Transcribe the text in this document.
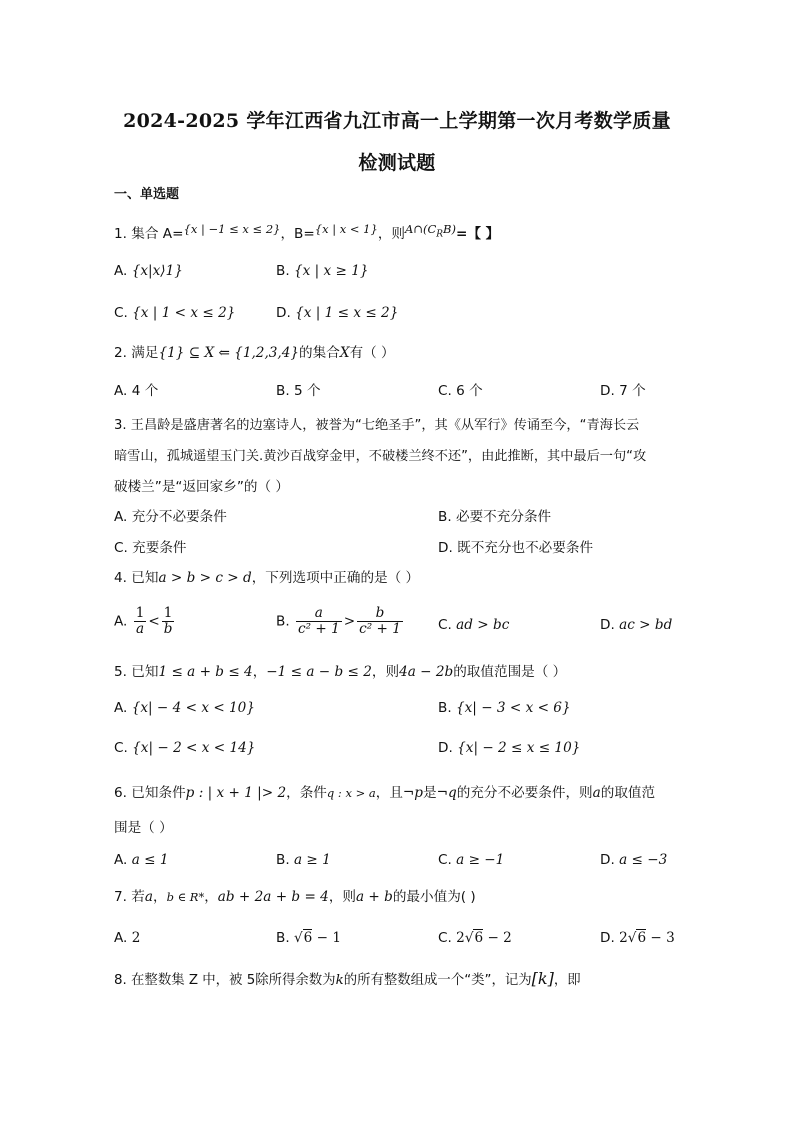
2024-2025 学年江西省九江市高一上学期第一次月考数学质量
检测试题
一、单选题
1. 集合 A=$^{\{x | -1 \le x \le 2\}}$，B=$^{\{x | x < 1\}}$，则$^{A\cap(C_RB)}$=【 】
A. {x|x⟩1}	B. {x | x ≥ 1}
C. {x | 1 < x ≤ 2}	D. {x | 1 ≤ x ≤ 2}
2. 满足{1} ⊆ X ⇐ {1,2,3,4}的集合X有（ ）
A. 4 个	B. 5 个	C. 6 个	D. 7 个
3. 王昌龄是盛唐著名的边塞诗人，被誉为“七绝圣手”，其《从军行》传诵至今，“青海长云
暗雪山，孤城遥望玉门关.黄沙百战穿金甲，不破楼兰终不还”，由此推断，其中最后一句“攻
破楼兰”是“返回家乡”的（ ）
A. 充分不必要条件	B. 必要不充分条件
C. 充要条件	D. 既不充分也不必要条件
4. 已知a > b > c > d，下列选项中正确的是（ ）
A. $\frac{1}{a} < \frac{1}{b}$	B. $\frac{a}{\text{c² + 1}} > \frac{b}{\text{c² + 1}}$	C. ad > bc	D. ac > bd
5. 已知1 ≤ a + b ≤ 4，−1 ≤ a − b ≤ 2，则4a − 2b的取值范围是（ ）
A. {x| − 4 < x < 10}	B. {x| − 3 < x < 6}
C. {x| − 2 < x < 14}	D. {x| − 2 ≤ x ≤ 10}
6. 已知条件p : | x + 1 |> 2，条件q : x > a，且¬p是¬q的充分不必要条件，则a的取值范
围是（ ）
A. a ≤ 1	B. a ≥ 1	C. a ≥ −1	D. a ≤ −3
7. 若a，b ∈ R*，ab + 2a + b = 4，则a + b的最小值为( )
A. 2	B. √6 − 1	C. 2√6 − 2	D. 2√6 − 3
8. 在整数集 Z 中，被 5除所得余数为k的所有整数组成一个“类”，记为[k]，即
